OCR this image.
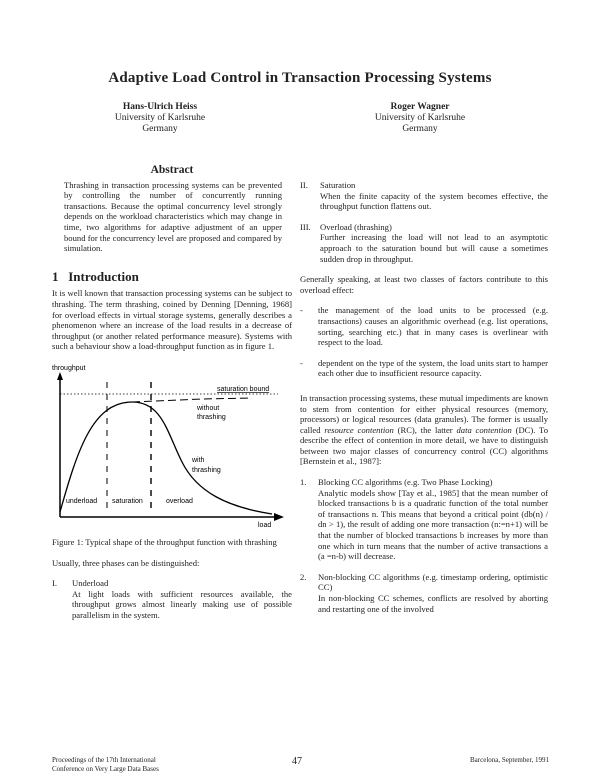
Adaptive Load Control in Transaction Processing Systems
Hans-Ulrich Heiss
University of Karlsruhe
Germany
Roger Wagner
University of Karlsruhe
Germany
Abstract

Thrashing in transaction processing systems can be prevented by controlling the number of concurrently running transactions. Because the optimal concurrency level strongly depends on the workload characteristics which may change in time, two algorithms for adaptive adjustment of an upper bound for the concurrency level are proposed and compared by simulation.

1 Introduction

It is well known that transaction processing systems can be subject to thrashing. The term thrashing, coined by Denning [Denning, 1968] for overload effects in virtual storage systems, generally describes a phenomenon where an increase of the load results in a decrease of throughput (or another related performance measure). Systems with such a behaviour show a load-throughput function as in figure 1.

throughput
load
saturation bound
without
thrashing
with
thrashing
underload saturation	overload

Figure 1: Typical shape of the throughput function with thrashing

Usually, three phases can be distinguished:

I.	Underload
At light loads with sufficient resources available, the throughput grows almost linearly making use of possible parallelism in the system.
II.	Saturation
When the finite capacity of the system becomes effective, the throughput function flattens out.
III.	Overload (thrashing)
Further increasing the load will not lead to an asymptotic approach to the saturation bound but will cause a sometimes sudden drop in throughput.

Generally speaking, at least two classes of factors contribute to this overload effect:

-	the management of the load units to be processed (e.g. transactions) causes an algorithmic overhead (e.g. list operations, sorting, searching etc.) that in many cases is overlinear with respect to the load.
-	dependent on the type of the system, the load units start to hamper each other due to insufficient resource capacity.

In transaction processing systems, these mutual impediments are known to stem from contention for either physical resources (memory, processors) or logical resources (data granules). The former is usually called resource contention (RC), the latter data contention (DC). To describe the effect of contention in more detail, we have to distinguish between two major classes of concurrency control (CC) algorithms [Bernstein et al., 1987]:

1.	Blocking CC algorithms (e.g. Two Phase Locking)
Analytic models show [Tay et al., 1985] that the mean number of blocked transactions b is a quadratic function of the total number of transactions n. This means that beyond a critical point (db(n) / dn > 1), the result of adding one more transaction (n:=n+1) will be that the number of blocked transactions b increases by more than one which in turn means that the number of active transactions a (a =n-b) will decrease.
2.	Non-blocking CC algorithms (e.g. timestamp ordering, optimistic CC)
In non-blocking CC schemes, conflicts are resolved by aborting and restarting one of the involved
Proceedings of the 17th International
Conference on Very Large Data Bases
47	Barcelona, September, 1991
